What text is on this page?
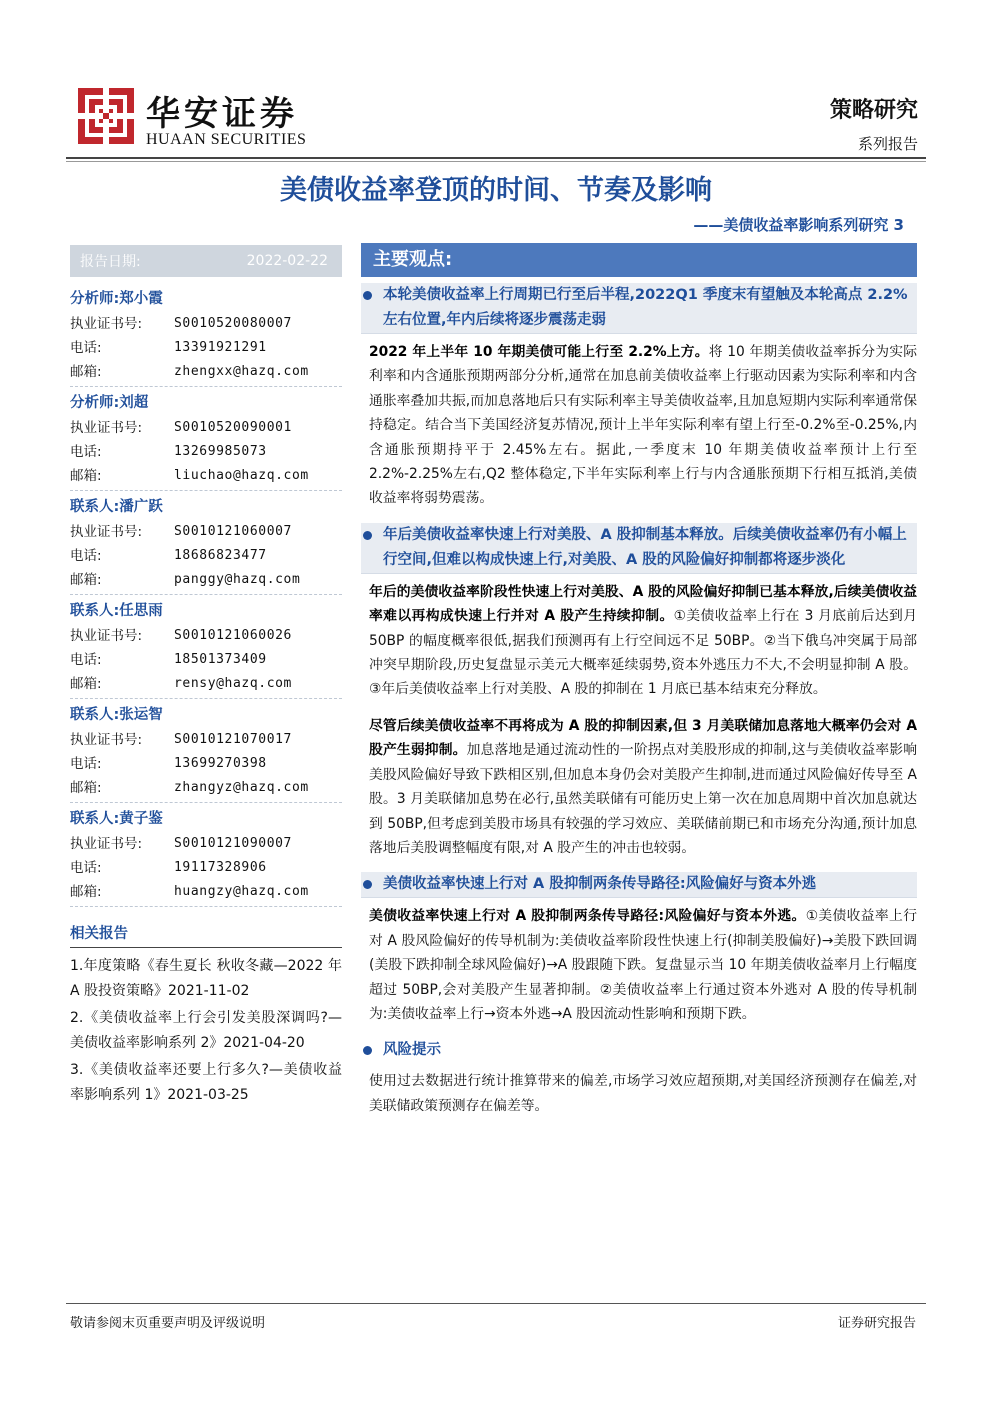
华安证券
HUAAN SECURITIES
策略研究
系列报告
美债收益率登顶的时间、节奏及影响
——美债收益率影响系列研究 3
报告日期:	2022-02-22
分析师:郑小霞
执业证书号:	S0010520080007
电话:	13391921291
邮箱:	zhengxx@hazq.com
分析师:刘超
执业证书号:	S0010520090001
电话:	13269985073
邮箱:	liuchao@hazq.com
联系人:潘广跃
执业证书号:	S0010121060007
电话:	18686823477
邮箱:	panggy@hazq.com
联系人:任思雨
执业证书号:	S0010121060026
电话:	18501373409
邮箱:	rensy@hazq.com
联系人:张运智
执业证书号:	S0010121070017
电话:	13699270398
邮箱:	zhangyz@hazq.com
联系人:黄子鉴
执业证书号:	S0010121090007
电话:	19117328906
邮箱:	huangzy@hazq.com
相关报告
1.年度策略《春生夏长 秋收冬藏—2022 年 A 股投资策略》2021-11-02
2.《美债收益率上行会引发美股深调吗?—美债收益率影响系列 2》2021-04-20
3.《美债收益率还要上行多久?—美债收益率影响系列 1》2021-03-25
主要观点:
本轮美债收益率上行周期已行至后半程,2022Q1 季度末有望触及本轮高点 2.2%左右位置,年内后续将逐步震荡走弱
2022 年上半年 10 年期美债可能上行至 2.2%上方。将 10 年期美债收益率拆分为实际利率和内含通胀预期两部分分析,通常在加息前美债收益率上行驱动因素为实际利率和内含通胀率叠加共振,而加息落地后只有实际利率主导美债收益率,且加息短期内实际利率通常保持稳定。结合当下美国经济复苏情况,预计上半年实际利率有望上行至-0.2%至-0.25%,内含通胀预期持平于 2.45%左右。据此,一季度末 10 年期美债收益率预计上行至 2.2%-2.25%左右,Q2 整体稳定,下半年实际利率上行与内含通胀预期下行相互抵消,美债收益率将弱势震荡。
年后美债收益率快速上行对美股、A 股抑制基本释放。后续美债收益率仍有小幅上行空间,但难以构成快速上行,对美股、A 股的风险偏好抑制都将逐步淡化
年后的美债收益率阶段性快速上行对美股、A 股的风险偏好抑制已基本释放,后续美债收益率难以再构成快速上行并对 A 股产生持续抑制。①美债收益率上行在 3 月底前后达到月 50BP 的幅度概率很低,据我们预测再有上行空间远不足 50BP。②当下俄乌冲突属于局部冲突早期阶段,历史复盘显示美元大概率延续弱势,资本外逃压力不大,不会明显抑制 A 股。③年后美债收益率上行对美股、A 股的抑制在 1 月底已基本结束充分释放。
尽管后续美债收益率不再将成为 A 股的抑制因素,但 3 月美联储加息落地大概率仍会对 A 股产生弱抑制。加息落地是通过流动性的一阶拐点对美股形成的抑制,这与美债收益率影响美股风险偏好导致下跌相区别,但加息本身仍会对美股产生抑制,进而通过风险偏好传导至 A 股。3 月美联储加息势在必行,虽然美联储有可能历史上第一次在加息周期中首次加息就达到 50BP,但考虑到美股市场具有较强的学习效应、美联储前期已和市场充分沟通,预计加息落地后美股调整幅度有限,对 A 股产生的冲击也较弱。
美债收益率快速上行对 A 股抑制两条传导路径:风险偏好与资本外逃
美债收益率快速上行对 A 股抑制两条传导路径:风险偏好与资本外逃。①美债收益率上行对 A 股风险偏好的传导机制为:美债收益率阶段性快速上行(抑制美股偏好)→美股下跌回调(美股下跌抑制全球风险偏好)→A 股跟随下跌。复盘显示当 10 年期美债收益率月上行幅度超过 50BP,会对美股产生显著抑制。②美债收益率上行通过资本外逃对 A 股的传导机制为:美债收益率上行→资本外逃→A 股因流动性影响和预期下跌。
风险提示
使用过去数据进行统计推算带来的偏差,市场学习效应超预期,对美国经济预测存在偏差,对美联储政策预测存在偏差等。
敬请参阅末页重要声明及评级说明	证券研究报告
